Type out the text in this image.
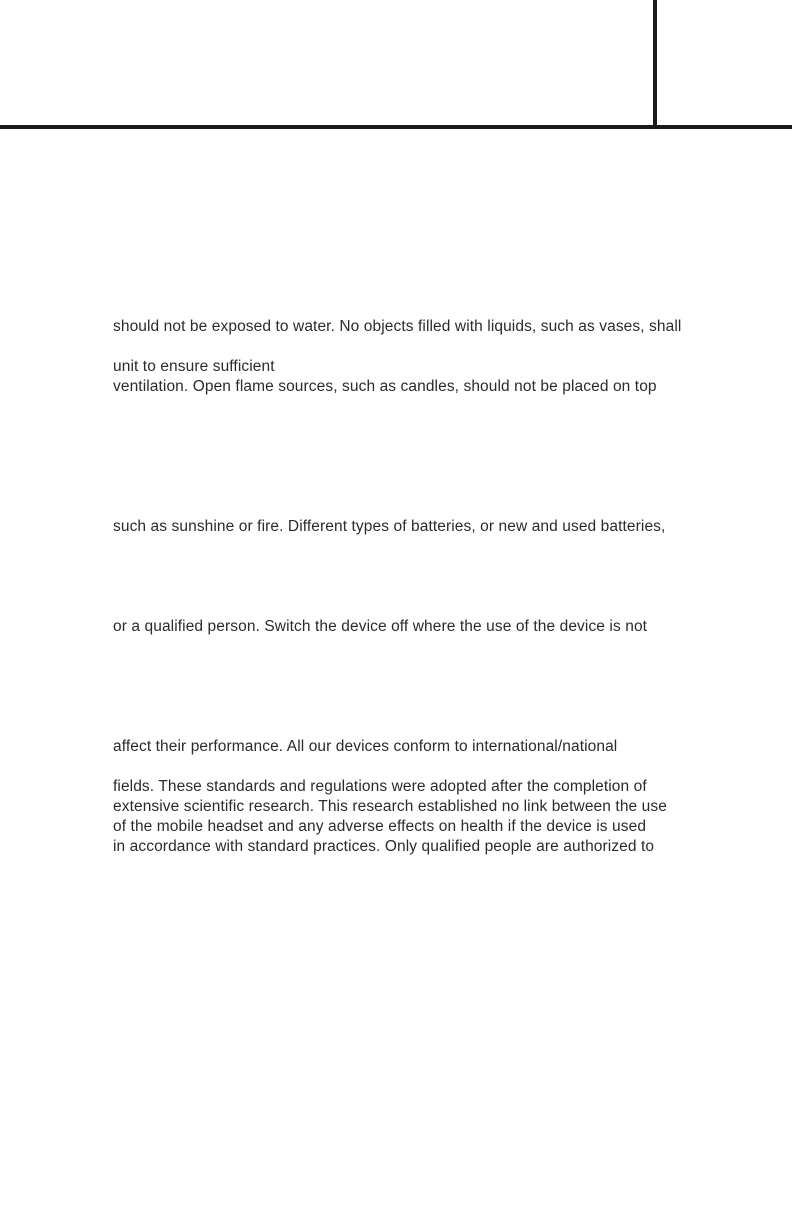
should not be exposed to water. No objects filled with liquids, such as vases, shall
unit to ensure sufficient
ventilation. Open flame sources, such as candles, should not be placed on top
such as sunshine or fire. Different types of batteries, or new and used batteries,
or a qualified person. Switch the device off where the use of the device is not
affect their performance. All our devices conform to international/national
fields. These standards and regulations were adopted after the completion of
extensive scientific research. This research established no link between the use
of the mobile headset and any adverse effects on health if the device is used
in accordance with standard practices. Only qualified people are authorized to
